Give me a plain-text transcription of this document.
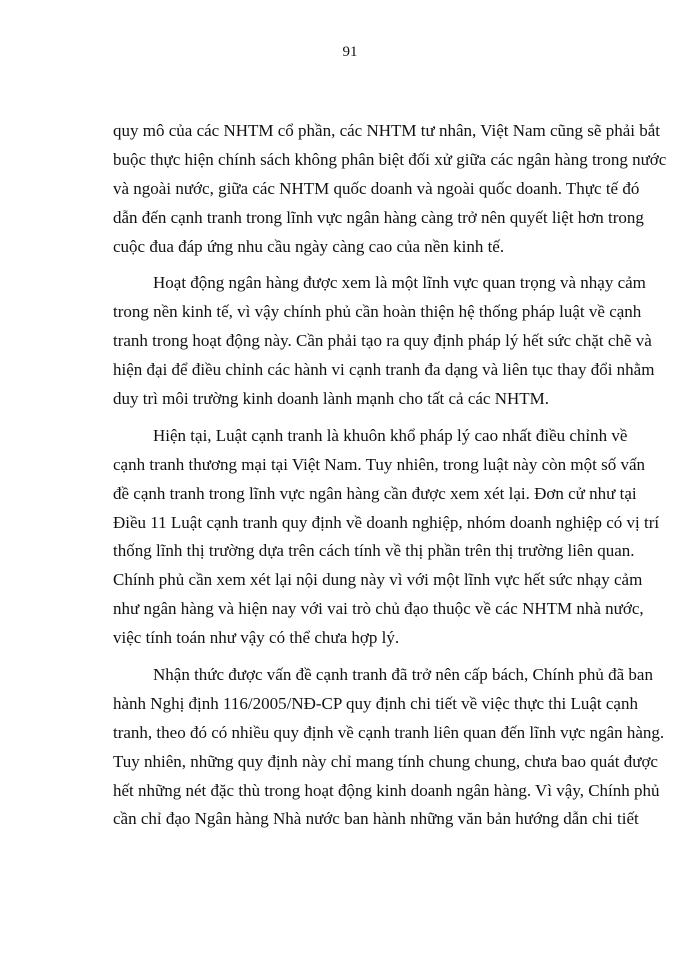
91
quy mô của các NHTM cổ phần, các NHTM tư nhân, Việt Nam cũng sẽ phải bắt
buộc thực hiện chính sách không phân biệt đối xử giữa các ngân hàng trong nước
và ngoài nước, giữa các NHTM quốc doanh và ngoài quốc doanh. Thực tế đó
dẫn đến cạnh tranh trong lĩnh vực ngân hàng càng trở nên quyết liệt hơn trong
cuộc đua đáp ứng nhu cầu ngày càng cao của nền kinh tế.
Hoạt động ngân hàng được xem là một lĩnh vực quan trọng và nhạy cảm
trong nền kinh tế, vì vậy chính phủ cần hoàn thiện hệ thống pháp luật về cạnh
tranh trong hoạt động này. Cần phải tạo ra quy định pháp lý hết sức chặt chẽ và
hiện đại để điều chỉnh các hành vi cạnh tranh đa dạng và liên tục thay đổi nhằm
duy trì môi trường kinh doanh lành mạnh cho tất cả các NHTM.
Hiện tại, Luật cạnh tranh là khuôn khổ pháp lý cao nhất điều chỉnh về
cạnh tranh thương mại tại Việt Nam. Tuy nhiên, trong luật này còn một số vấn
đề cạnh tranh trong lĩnh vực ngân hàng cần được xem xét lại. Đơn cử như tại
Điều 11 Luật cạnh tranh quy định về doanh nghiệp, nhóm doanh nghiệp có vị trí
thống lĩnh thị trường dựa trên cách tính về thị phần trên thị trường liên quan.
Chính phủ cần xem xét lại nội dung này vì với một lĩnh vực hết sức nhạy cảm
như ngân hàng và hiện nay với vai trò chủ đạo thuộc về các NHTM nhà nước,
việc tính toán như vậy có thể chưa hợp lý.
Nhận thức được vấn đề cạnh tranh đã trở nên cấp bách, Chính phủ đã ban
hành Nghị định 116/2005/NĐ-CP quy định chi tiết về việc thực thi Luật cạnh
tranh, theo đó có nhiều quy định về cạnh tranh liên quan đến lĩnh vực ngân hàng.
Tuy nhiên, những quy định này chỉ mang tính chung chung, chưa bao quát được
hết những nét đặc thù trong hoạt động kinh doanh ngân hàng. Vì vậy, Chính phủ
cần chỉ đạo Ngân hàng Nhà nước ban hành những văn bản hướng dẫn chi tiết
